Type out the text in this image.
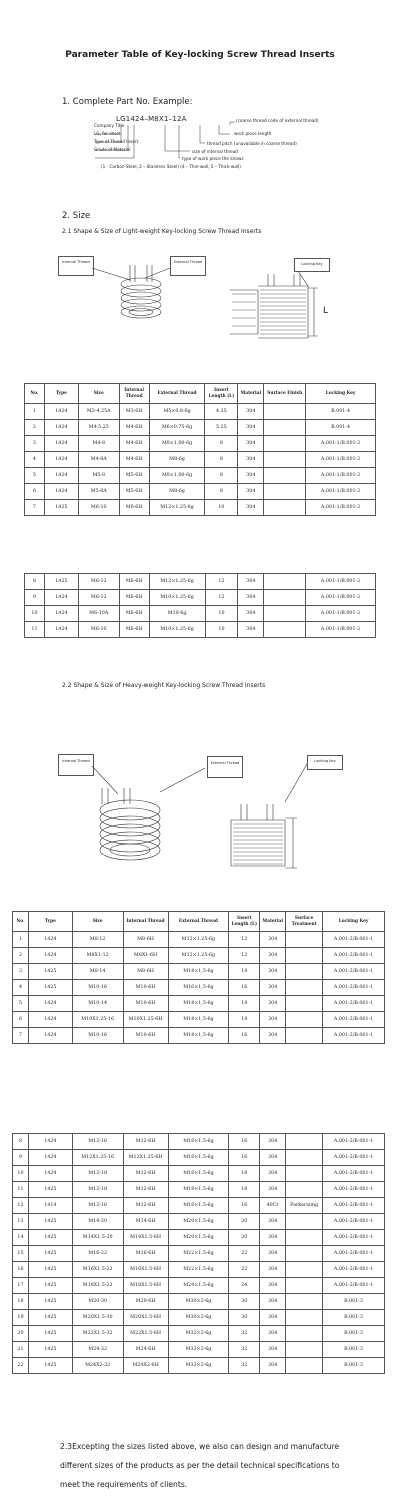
Parameter Table of Key-locking Screw Thread Inserts
1. Complete Part No. Example:
LG1424–M8X1–12A
Company Title
LG, for short
Type of Thread Insert
Grade of Material
(coarse thread code of external thread)
work piece length
thread pitch (unavailable in coarse thread)
size of internal thread
type of work piece the knows
(1 - Carbon Steel, 2 – Stainless Steel) (4 – Thin-wall, 5 – Thick-wall)
2. Size
2.1 Shape & Size of Light-weight Key-locking Screw Thread Inserts
Internal Thread	External Thread	Locking Key
L
No.	Type	Size	Internal Thread	External Thread	Insert Length (L)	Material	Surface Finish	Locking Key
1	1424	M3-4.25A	M3-6H	M5×0.8-6g	4.25	304		B.001-4
2	1424	M4-5.25	M4-6H	M6×0.75-6g	5.25	304		B.001-4
3	1424	M4-8	M4-6H	M8×1.00-6g	8	304		A.001-1/B.001-2
4	1424	M4-8A	M4-6H	M8-6g	8	304		A.001-1/B.001-2
5	1424	M5-8	M5-6H	M8×1.00-6g	8	304		A.001-1/B.001-2
6	1424	M5-8A	M5-6H	M8-6g	8	304		A.001-1/B.001-2
7	1425	M6-10	M6-6H	M12×1.25-6g	10	304		A.001-1/B.001-2
8	1425	M6-12	M6-6H	M12×1.25-6g	12	304		A.001-1/B.001-2
9	1424	M6-12	M6-6H	M10×1.25-6g	12	304		A.001-1/B.001-2
10	1424	M6-10A	M6-6H	M10-6g	10	304		A.001-1/B.001-2
11	1424	M6-10	M6-6H	M10×1.25-6g	10	304		A.001-1/B.001-2
2.2 Shape & Size of Heavy-weight Key-locking Screw Thread Inserts
Internal Thread	External Thread	Locking Key
No.	Type	Size	Internal Thread	External Thread	Insert Length (L)	Material	Surface Treatment	Locking Key
1	1424	M8-12	M8-6H	M12×1.25-6g	12	304		A.001-2/B.001-1
2	1424	M8X1-12	M8X1-6H	M12×1.25-6g	12	304		A.001-2/B.001-1
3	1425	M8-14	M8-6H	M14×1.5-6g	14	304		A.001-2/B.001-1
4	1425	M10-16	M10-6H	M16×1.5-6g	16	304		A.001-2/B.001-1
5	1424	M10-14	M10-6H	M14×1.5-6g	14	304		A.001-2/B.001-1
6	1424	M10X1.25-16	M10X1.25-6H	M14×1.5-6g	14	304		A.001-2/B.001-1
7	1424	M10-16	M10-6H	M14×1.5-6g	16	304		A.001-2/B.001-1
8	1424	M12-16	M12-6H	M16×1.5-6g	16	304		A.001-2/B.001-1
9	1424	M12X1.25-16	M12X1.25-6H	M16×1.5-6g	16	304		A.001-2/B.001-1
10	1424	M12-18	M12-6H	M16×1.5-6g	18	304		A.001-2/B.001-1
11	1425	M12-18	M12-6H	M18×1.5-6g	18	304		A.001-2/B.001-1
12	1414	M12-16	M12-6H	M16×1.5-6g	16	40Cr	Parkerizing	A.001-2/B.001-1
13	1425	M14-20	M14-6H	M20×1.5-6g	20	304		A.001-2/B.001-1
14	1425	M14X1.5-20	M14X1.5-6H	M20×1.5-6g	20	304		A.001-2/B.001-1
15	1425	M16-22	M16-6H	M22×1.5-6g	22	304		A.001-2/B.001-1
16	1425	M16X1.5-22	M16X1.5-6H	M22×1.5-6g	22	304		A.001-2/B.001-1
17	1425	M18X1.5-22	M18X1.5-6H	M24×1.5-6g	24	304		A.001-2/B.001-1
18	1425	M20-30	M20-6H	M30×2-6g	30	304		B.001-3
19	1425	M20X1.5-30	M20X1.5-6H	M30×2-6g	30	304		B.001-3
20	1425	M22X1.5-32	M22X1.5-6H	M32×2-6g	32	304		B.001-3
21	1425	M24-32	M24-6H	M33×2-6g	32	304		B.001-3
22	1425	M24X2-32	M24X2-6H	M33×2-6g	32	304		B.001-3
2.3Excepting the sizes listed above, we also can design and manufacture different sizes of the products as per the detail technical specifications to meet the requirements of clients.
